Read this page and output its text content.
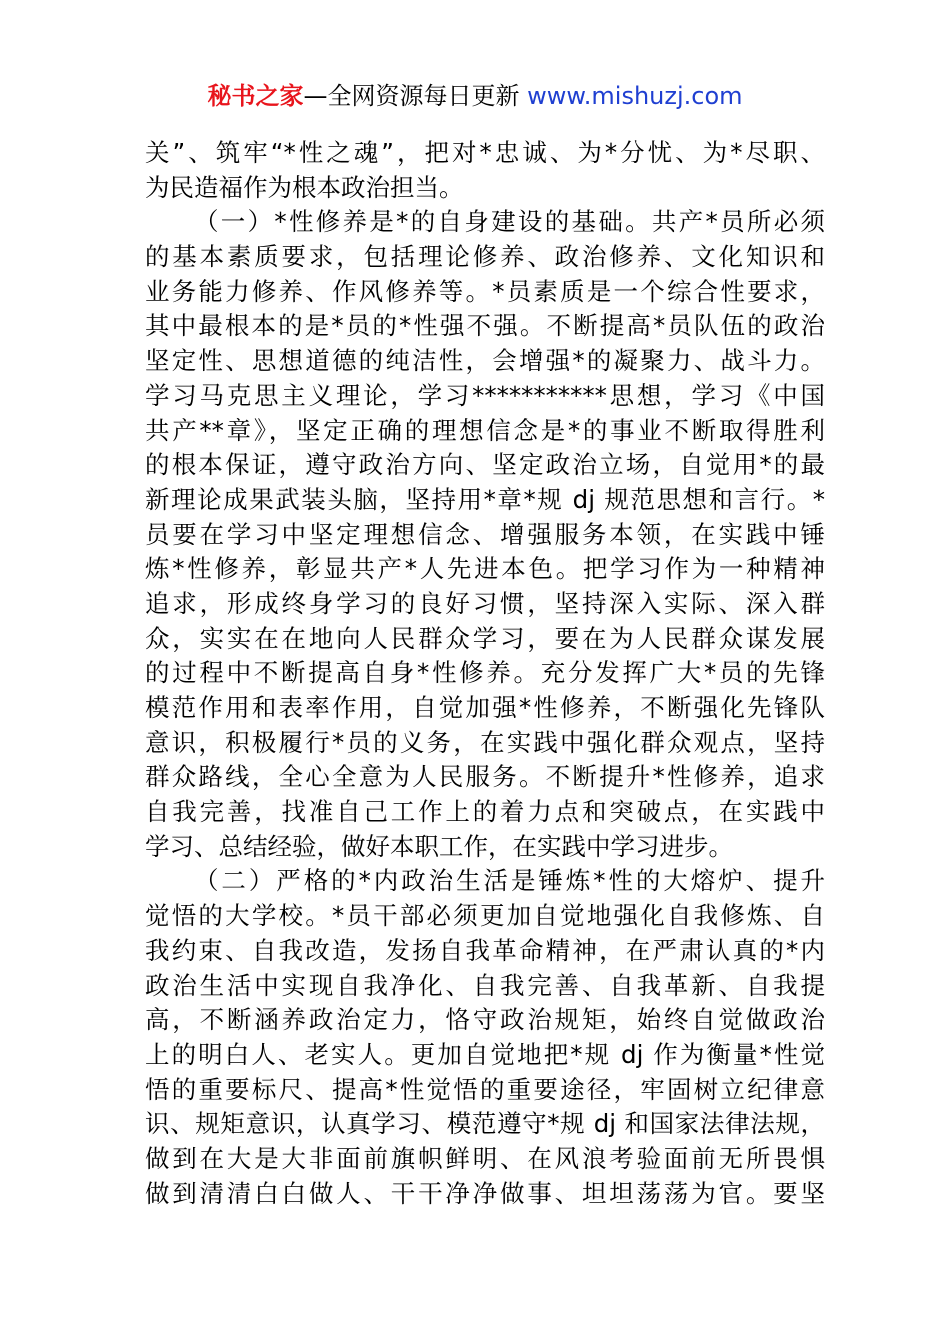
秘书之家—全网资源每日更新 www.mishuzj.com
关”、筑牢“*性之魂”，把对*忠诚、为*分忧、为*尽职、
为民造福作为根本政治担当。
（一）*性修养是*的自身建设的基础。共产*员所必须
的基本素质要求，包括理论修养、政治修养、文化知识和
业务能力修养、作风修养等。*员素质是一个综合性要求，
其中最根本的是*员的*性强不强。不断提高*员队伍的政治
坚定性、思想道德的纯洁性，会增强*的凝聚力、战斗力。
学习马克思主义理论，学习***********思想，学习《中国
共产**章》，坚定正确的理想信念是*的事业不断取得胜利
的根本保证，遵守政治方向、坚定政治立场，自觉用*的最
新理论成果武装头脑，坚持用*章*规 dj 规范思想和言行。*
员要在学习中坚定理想信念、增强服务本领，在实践中锤
炼*性修养，彰显共产*人先进本色。把学习作为一种精神
追求，形成终身学习的良好习惯，坚持深入实际、深入群
众，实实在在地向人民群众学习，要在为人民群众谋发展
的过程中不断提高自身*性修养。充分发挥广大*员的先锋
模范作用和表率作用，自觉加强*性修养，不断强化先锋队
意识，积极履行*员的义务，在实践中强化群众观点，坚持
群众路线，全心全意为人民服务。不断提升*性修养，追求
自我完善，找准自己工作上的着力点和突破点，在实践中
学习、总结经验，做好本职工作，在实践中学习进步。
（二）严格的*内政治生活是锤炼*性的大熔炉、提升
觉悟的大学校。*员干部必须更加自觉地强化自我修炼、自
我约束、自我改造，发扬自我革命精神，在严肃认真的*内
政治生活中实现自我净化、自我完善、自我革新、自我提
高，不断涵养政治定力，恪守政治规矩，始终自觉做政治
上的明白人、老实人。更加自觉地把*规 dj 作为衡量*性觉
悟的重要标尺、提高*性觉悟的重要途径，牢固树立纪律意
识、规矩意识，认真学习、模范遵守*规 dj 和国家法律法规，
做到在大是大非面前旗帜鲜明、在风浪考验面前无所畏惧
做到清清白白做人、干干净净做事、坦坦荡荡为官。要坚
